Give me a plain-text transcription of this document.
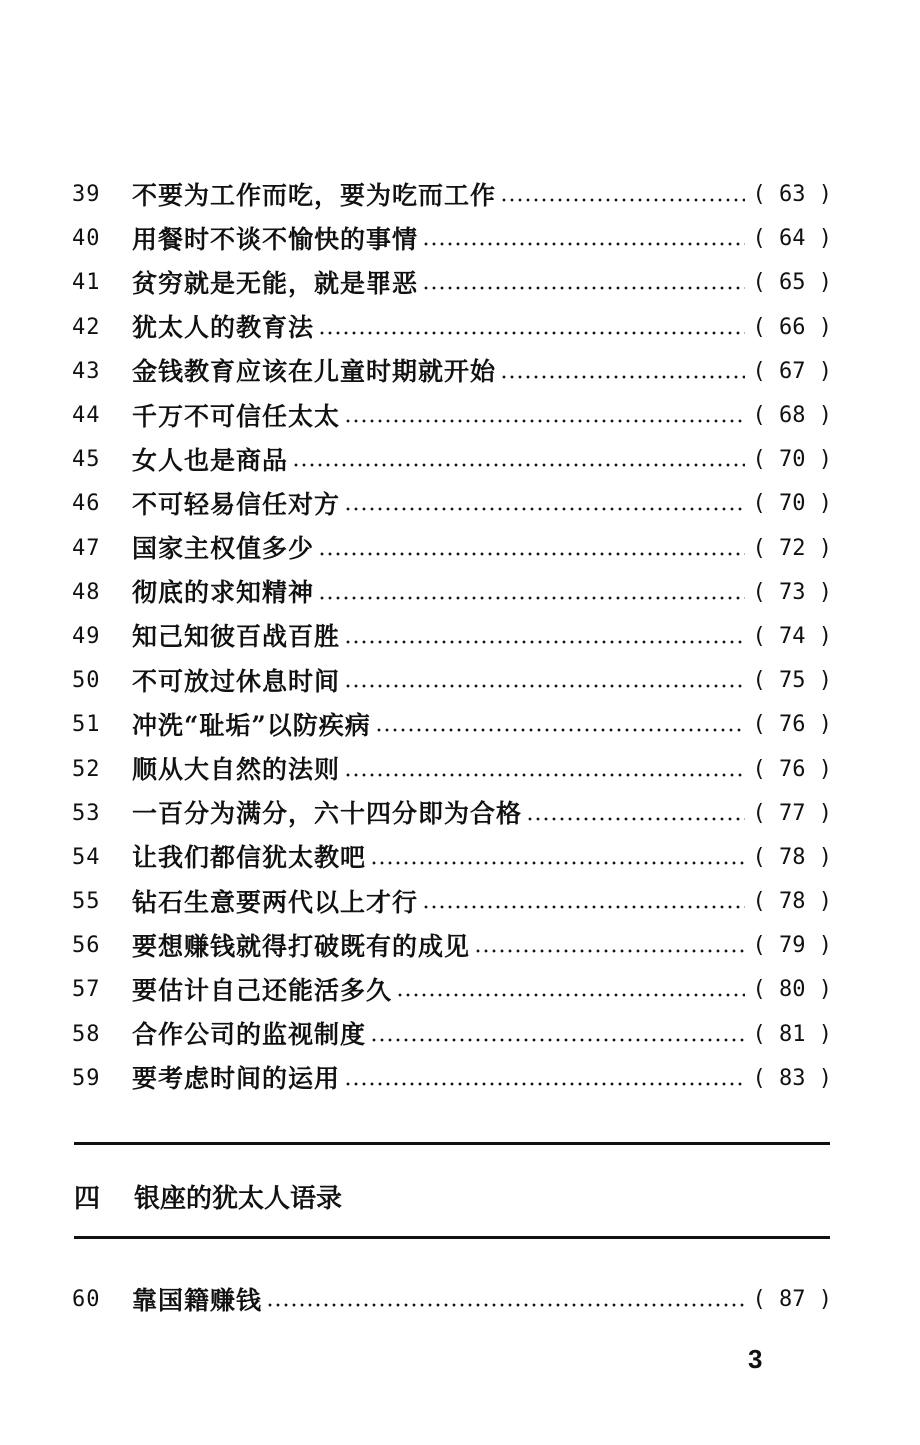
39	不要为工作而吃，要为吃而工作	( 63 )
40	用餐时不谈不愉快的事情	( 64 )
41	贫穷就是无能，就是罪恶	( 65 )
42	犹太人的教育法	( 66 )
43	金钱教育应该在儿童时期就开始	( 67 )
44	千万不可信任太太	( 68 )
45	女人也是商品	( 70 )
46	不可轻易信任对方	( 70 )
47	国家主权值多少	( 72 )
48	彻底的求知精神	( 73 )
49	知己知彼百战百胜	( 74 )
50	不可放过休息时间	( 75 )
51	冲洗“耻垢”以防疾病	( 76 )
52	顺从大自然的法则	( 76 )
53	一百分为满分，六十四分即为合格	( 77 )
54	让我们都信犹太教吧	( 78 )
55	钻石生意要两代以上才行	( 78 )
56	要想赚钱就得打破既有的成见	( 79 )
57	要估计自己还能活多久	( 80 )
58	合作公司的监视制度	( 81 )
59	要考虑时间的运用	( 83 )
四	银座的犹太人语录
60	靠国籍赚钱	( 87 )
3
